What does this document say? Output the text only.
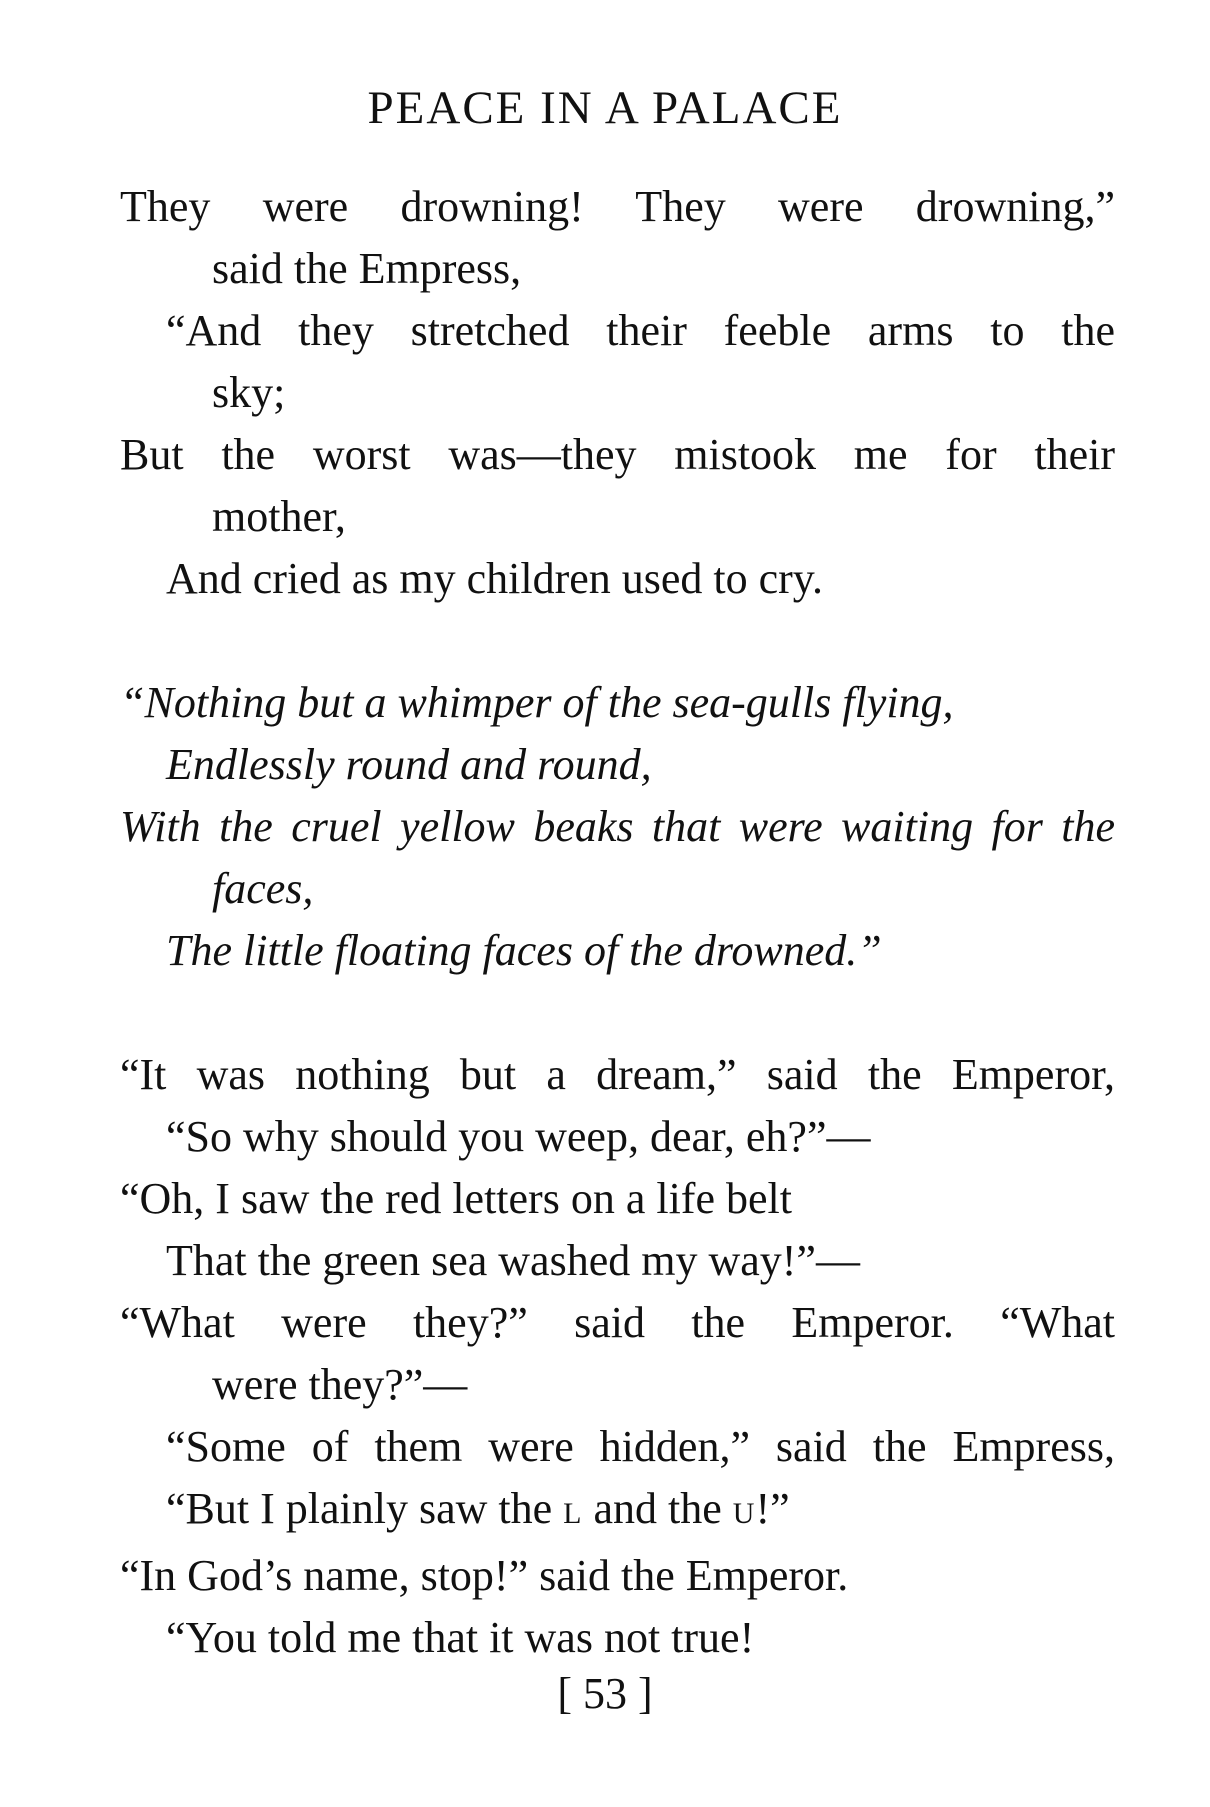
PEACE IN A PALACE
They were drowning! They were drowning,”
said the Empress,
“And they stretched their feeble arms to the
sky;
But the worst was—they mistook me for their
mother,
And cried as my children used to cry.
“Nothing but a whimper of the sea-gulls flying,
Endlessly round and round,
With the cruel yellow beaks that were waiting for the
faces,
The little floating faces of the drowned.”
“It was nothing but a dream,” said the Emperor,
“So why should you weep, dear, eh?”—
“Oh, I saw the red letters on a life belt
That the green sea washed my way!”—
“What were they?” said the Emperor. “What
were they?”—
“Some of them were hidden,” said the Empress,
“But I plainly saw the L and the U!”
“In God’s name, stop!” said the Emperor.
“You told me that it was not true!
[ 53 ]
